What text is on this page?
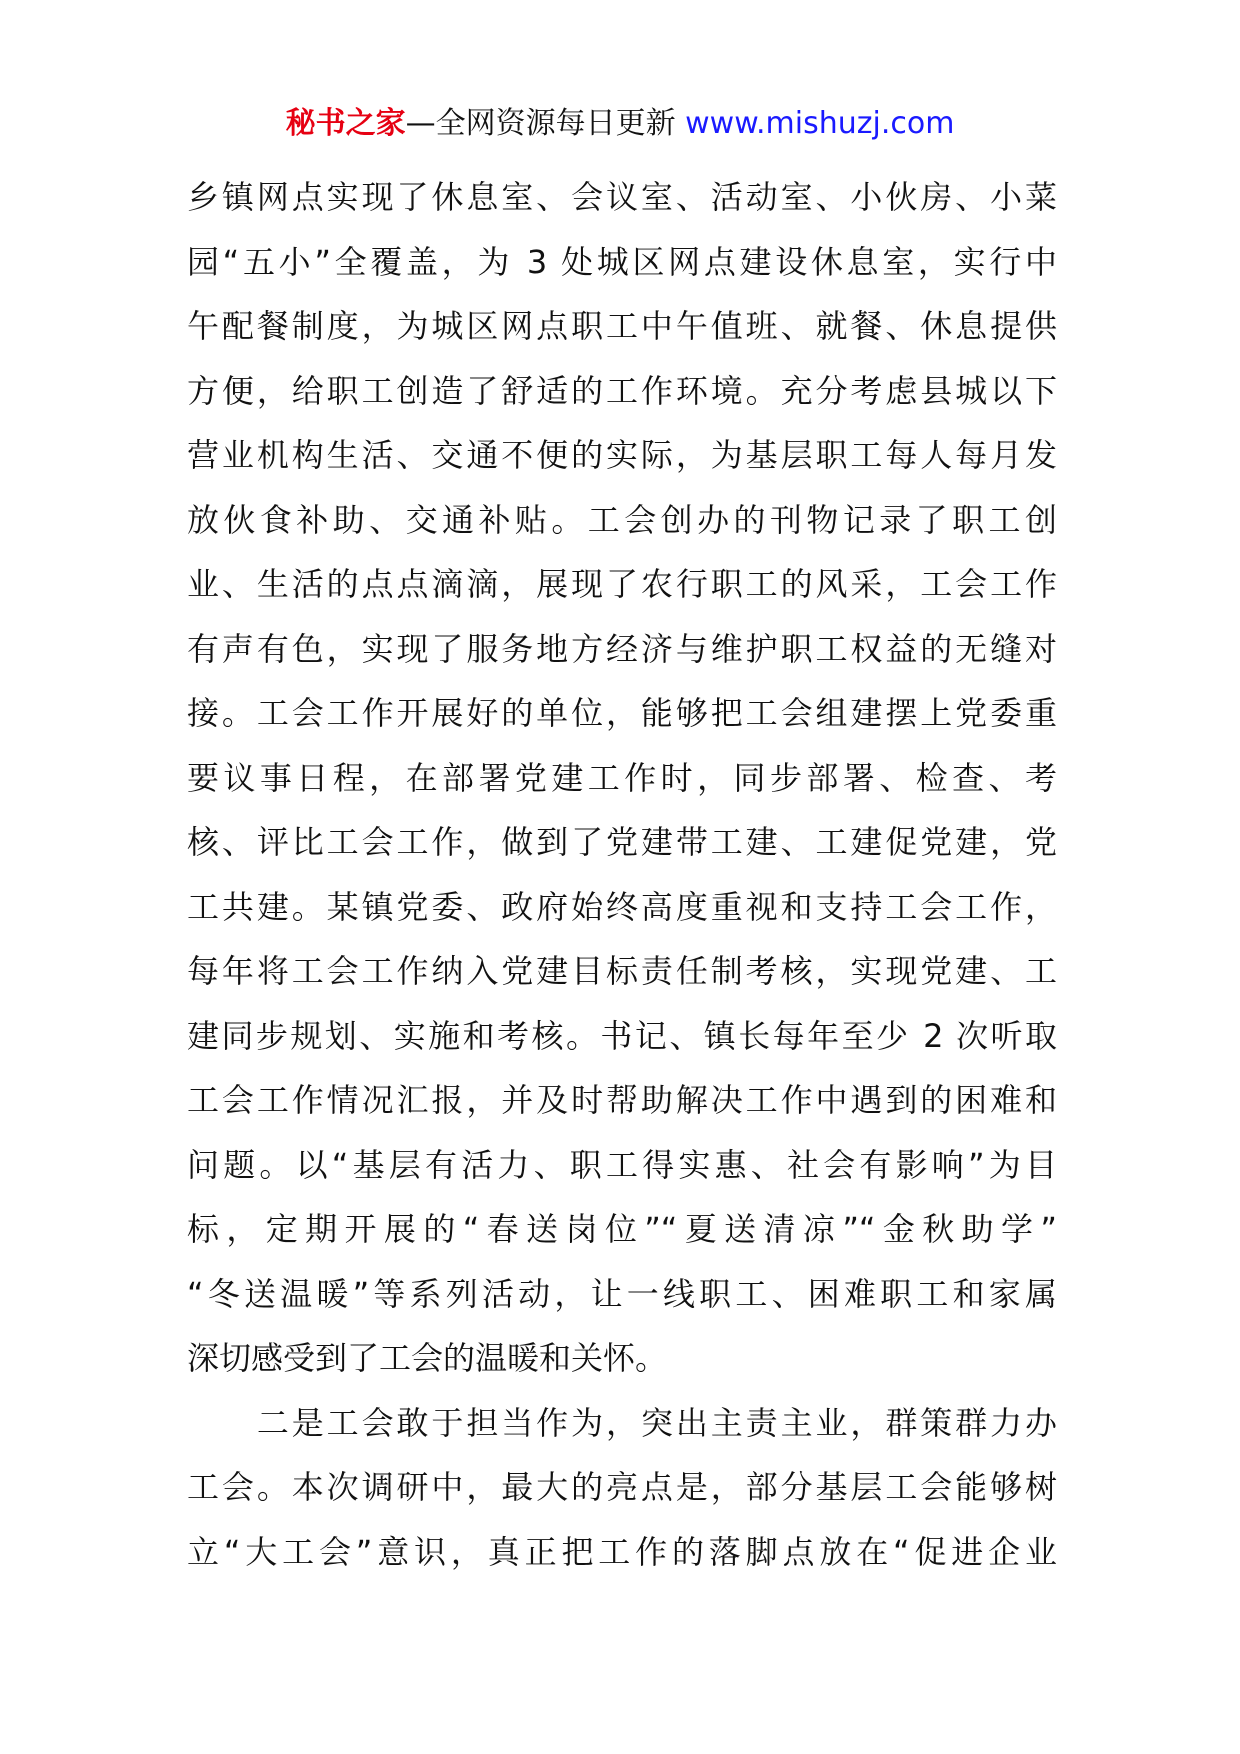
秘书之家—全网资源每日更新 www.mishuzj.com
乡镇网点实现了休息室、会议室、活动室、小伙房、小菜
园“五小”全覆盖，为 3 处城区网点建设休息室，实行中
午配餐制度，为城区网点职工中午值班、就餐、休息提供
方便，给职工创造了舒适的工作环境。充分考虑县城以下
营业机构生活、交通不便的实际，为基层职工每人每月发
放伙食补助、交通补贴。工会创办的刊物记录了职工创
业、生活的点点滴滴，展现了农行职工的风采，工会工作
有声有色，实现了服务地方经济与维护职工权益的无缝对
接。工会工作开展好的单位，能够把工会组建摆上党委重
要议事日程，在部署党建工作时，同步部署、检查、考
核、评比工会工作，做到了党建带工建、工建促党建，党
工共建。某镇党委、政府始终高度重视和支持工会工作，
每年将工会工作纳入党建目标责任制考核，实现党建、工
建同步规划、实施和考核。书记、镇长每年至少 2 次听取
工会工作情况汇报，并及时帮助解决工作中遇到的困难和
问题。以“基层有活力、职工得实惠、社会有影响”为目
标，定期开展的“春送岗位”“夏送清凉”“金秋助学”
“冬送温暖”等系列活动，让一线职工、困难职工和家属
深切感受到了工会的温暖和关怀。
　　二是工会敢于担当作为，突出主责主业，群策群力办
工会。本次调研中，最大的亮点是，部分基层工会能够树
立“大工会”意识，真正把工作的落脚点放在“促进企业
